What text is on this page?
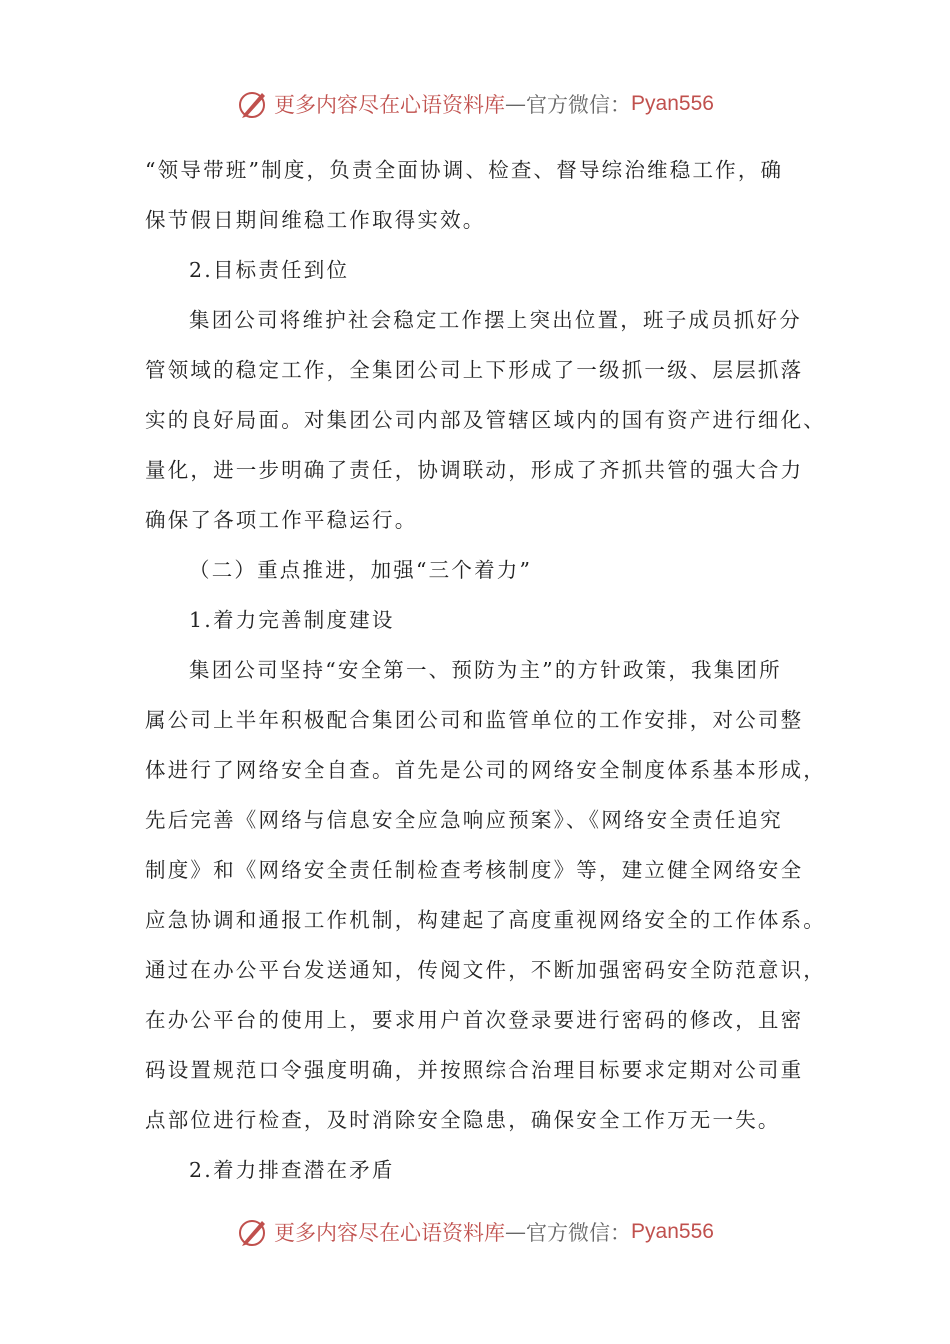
更多内容尽在心语资料库 — 官方微信： Pyan556
“领导带班”制度，负责全面协调、检查、督导综治维稳工作，确
保节假日期间维稳工作取得实效。
2.目标责任到位
集团公司将维护社会稳定工作摆上突出位置，班子成员抓好分
管领域的稳定工作，全集团公司上下形成了一级抓一级、层层抓落
实的良好局面。对集团公司内部及管辖区域内的国有资产进行细化、
量化，进一步明确了责任，协调联动，形成了齐抓共管的强大合力
确保了各项工作平稳运行。
（二）重点推进，加强“三个着力”
1.着力完善制度建设
集团公司坚持“安全第一、预防为主”的方针政策，我集团所
属公司上半年积极配合集团公司和监管单位的工作安排，对公司整
体进行了网络安全自查。首先是公司的网络安全制度体系基本形成，
先后完善《网络与信息安全应急响应预案》、《网络安全责任追究
制度》和《网络安全责任制检查考核制度》等，建立健全网络安全
应急协调和通报工作机制，构建起了高度重视网络安全的工作体系。
通过在办公平台发送通知，传阅文件，不断加强密码安全防范意识，
在办公平台的使用上，要求用户首次登录要进行密码的修改，且密
码设置规范口令强度明确，并按照综合治理目标要求定期对公司重
点部位进行检查，及时消除安全隐患，确保安全工作万无一失。
2.着力排查潜在矛盾
更多内容尽在心语资料库 — 官方微信： Pyan556
